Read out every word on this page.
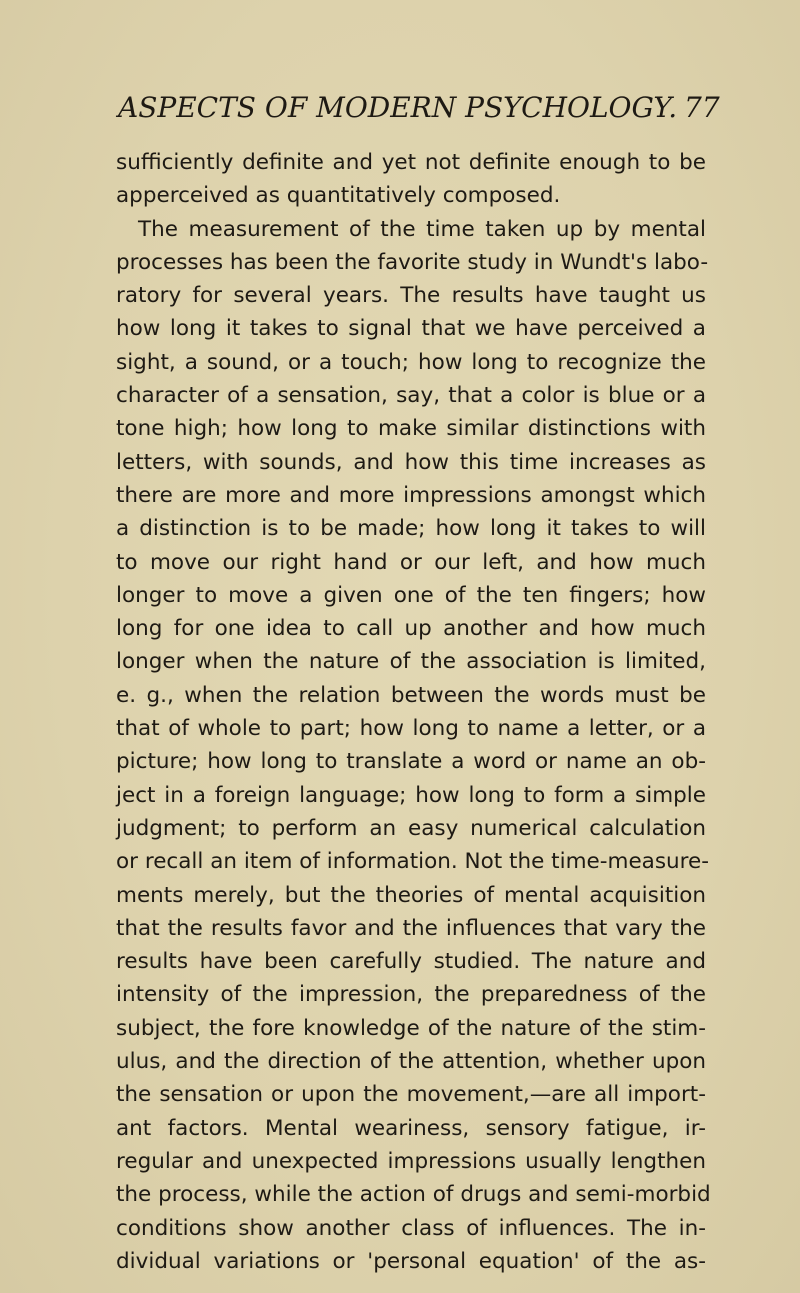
ASPECTS OF MODERN PSYCHOLOGY. 77
sufficiently definite and yet not definite enough to be
apperceived as quantitatively composed.
The measurement of the time taken up by mental
processes has been the favorite study in Wundt's labo-
ratory for several years. The results have taught us
how long it takes to signal that we have perceived a
sight, a sound, or a touch; how long to recognize the
character of a sensation, say, that a color is blue or a
tone high; how long to make similar distinctions with
letters, with sounds, and how this time increases as
there are more and more impressions amongst which
a distinction is to be made; how long it takes to will
to move our right hand or our left, and how much
longer to move a given one of the ten fingers; how
long for one idea to call up another and how much
longer when the nature of the association is limited,
e. g., when the relation between the words must be
that of whole to part; how long to name a letter, or a
picture; how long to translate a word or name an ob-
ject in a foreign language; how long to form a simple
judgment; to perform an easy numerical calculation
or recall an item of information. Not the time-measure-
ments merely, but the theories of mental acquisition
that the results favor and the influences that vary the
results have been carefully studied. The nature and
intensity of the impression, the preparedness of the
subject, the fore knowledge of the nature of the stim-
ulus, and the direction of the attention, whether upon
the sensation or upon the movement,—are all import-
ant factors. Mental weariness, sensory fatigue, ir-
regular and unexpected impressions usually lengthen
the process, while the action of drugs and semi-morbid
conditions show another class of influences. The in-
dividual variations or 'personal equation' of the as-
